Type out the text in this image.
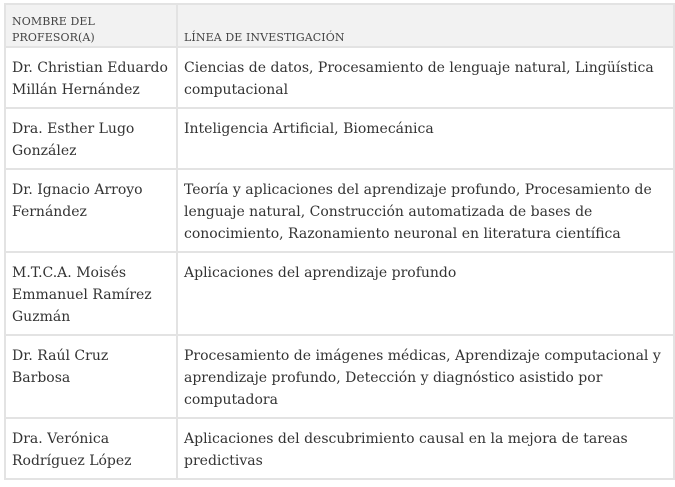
NOMBRE DEL PROFESOR(A)	LÍNEA DE INVESTIGACIÓN

Dr. Christian Eduardo Millán Hernández	Ciencias de datos, Procesamiento de lenguaje natural, Lingüística computacional

Dra. Esther Lugo González	Inteligencia Artificial, Biomecánica

Dr. Ignacio Arroyo Fernández	Teoría y aplicaciones del aprendizaje profundo, Procesamiento de lenguaje natural, Construcción automatizada de bases de conocimiento, Razonamiento neuronal en literatura científica

M.T.C.A. Moisés Emmanuel Ramírez Guzmán	Aplicaciones del aprendizaje profundo

Dr. Raúl Cruz Barbosa	Procesamiento de imágenes médicas, Aprendizaje computacional y aprendizaje profundo, Detección y diagnóstico asistido por computadora

Dra. Verónica Rodríguez López	Aplicaciones del descubrimiento causal en la mejora de tareas predictivas
